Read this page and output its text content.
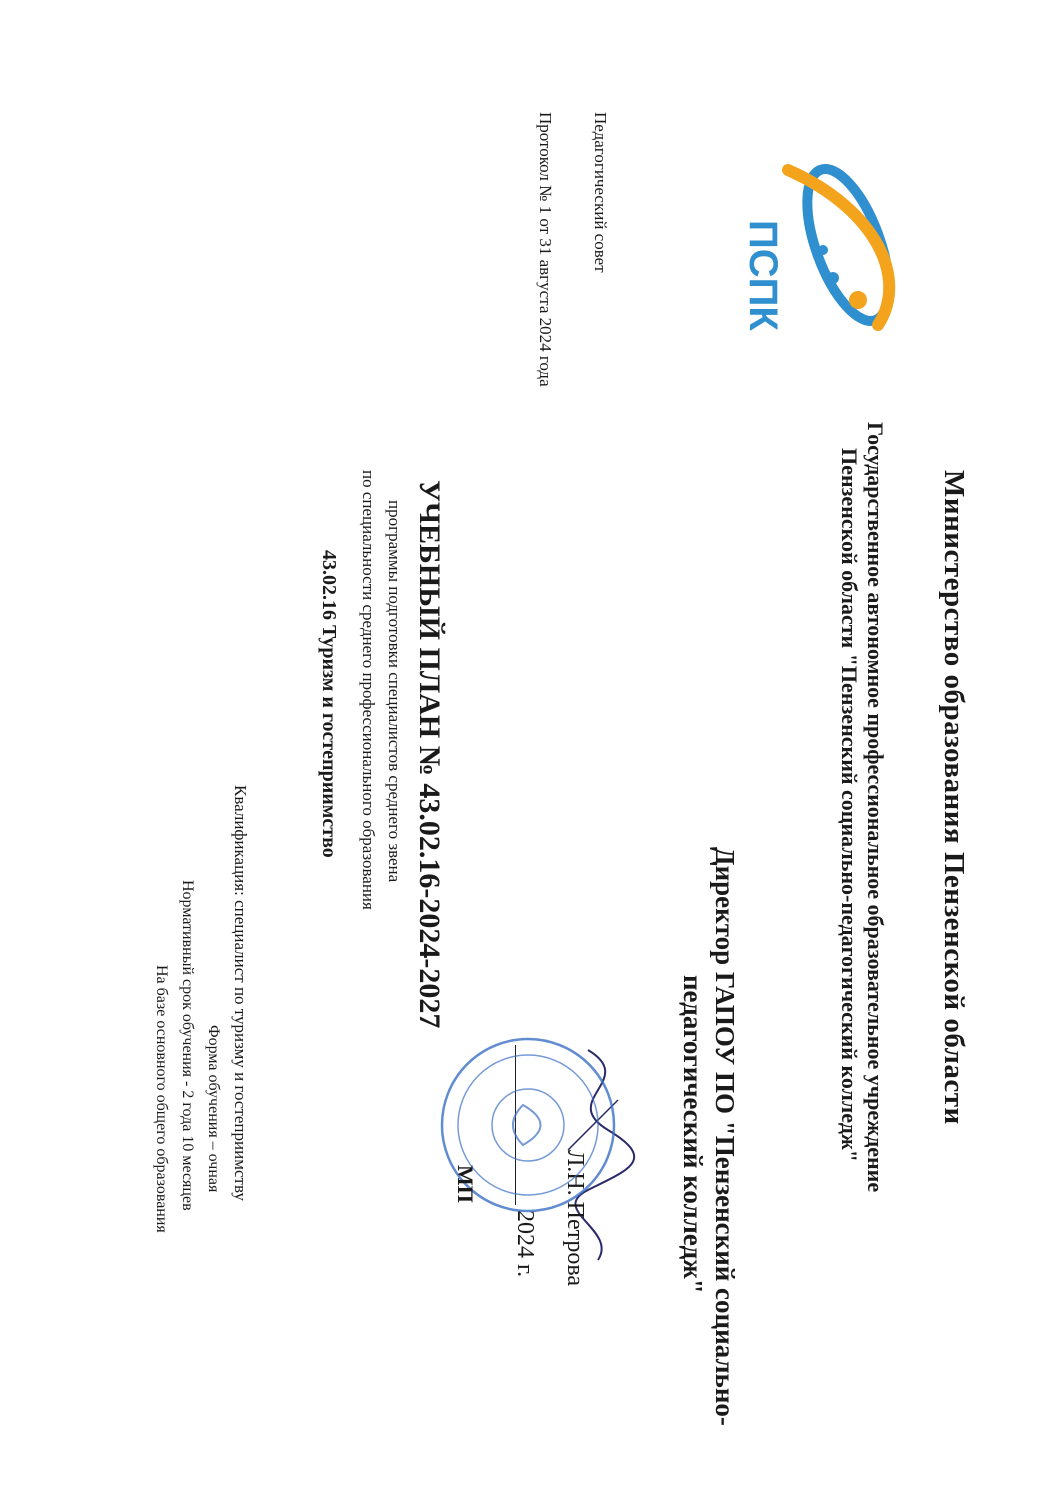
ПСПК
Министерство образования Пензенской области
Государственное автономное профессиональное образовательное учреждение
Пензенской области "Пензенский социально-педагогический колледж"
Педагогический совет
Протокол № 1 от 31 августа 2024 года
Директор ГАПОУ ПО "Пензенский социально-
педагогический колледж"
Л.Н. Петрова
2024 г.
МП
УЧЕБНЫЙ ПЛАН № 43.02.16-2024-2027
программы подготовки специалистов среднего звена
по специальности среднего профессионального образования
43.02.16 Туризм и гостеприимство
Квалификация: специалист по туризму и гостеприимству
Форма обучения – очная
Нормативный срок обучения - 2 года 10 месяцев
На базе основного общего образования
